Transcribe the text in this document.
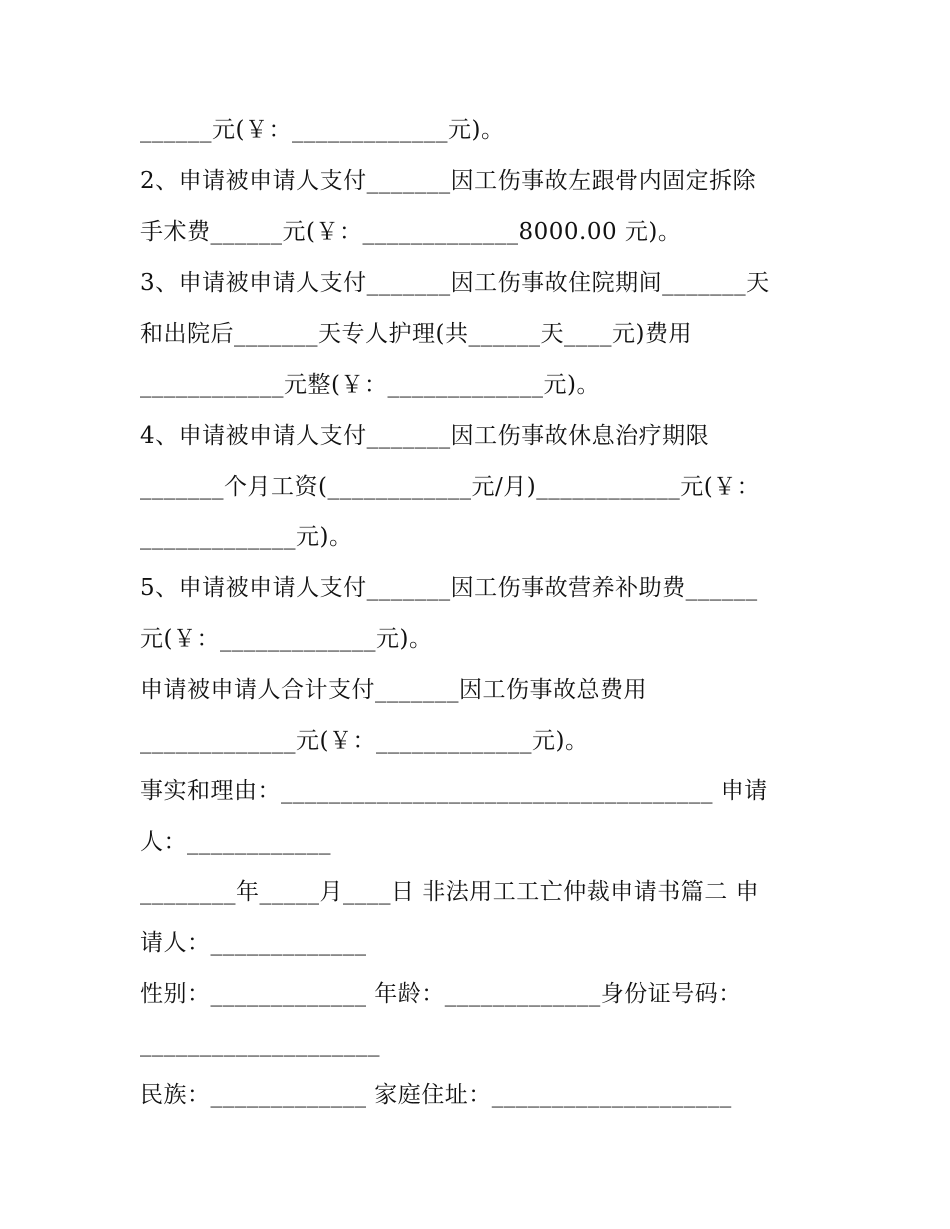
______元(￥：_____________元)。
2、申请被申请人支付_______因工伤事故左跟骨内固定拆除
手术费______元(￥：_____________8000.00 元)。
3、申请被申请人支付_______因工伤事故住院期间_______天
和出院后_______天专人护理(共______天____元)费用
____________元整(￥：_____________元)。
4、申请被申请人支付_______因工伤事故休息治疗期限
_______个月工资(____________元/月)____________元(￥：
_____________元)。
5、申请被申请人支付_______因工伤事故营养补助费______
元(￥：_____________元)。
申请被申请人合计支付_______因工伤事故总费用
_____________元(￥：_____________元)。
事实和理由：____________________________________ 申请
人：____________
________年_____月____日 非法用工工亡仲裁申请书篇二 申
请人：_____________
性别：_____________ 年龄：_____________身份证号码：
____________________
民族：_____________ 家庭住址：____________________
